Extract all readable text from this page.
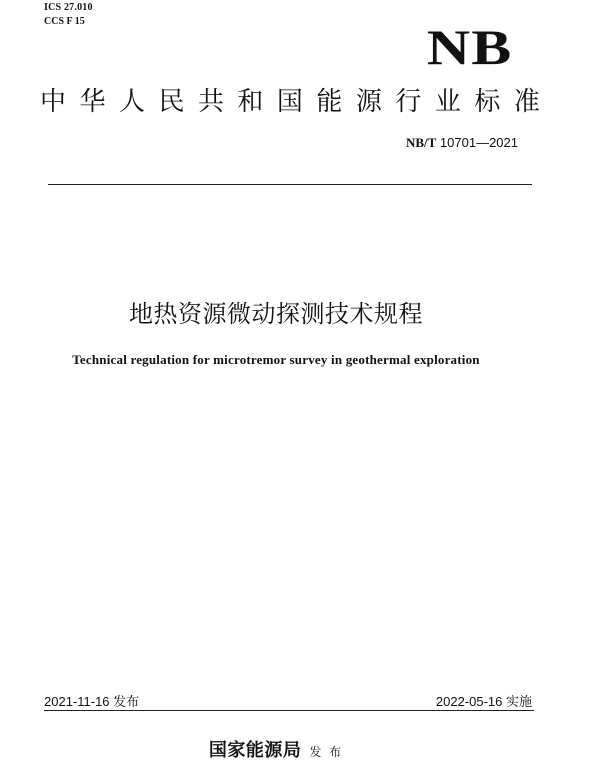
ICS 27.010
CCS F 15	NB
中 华 人 民 共 和 国 能 源 行 业 标 准
NB/T 10701—2021
地热资源微动探测技术规程
Technical regulation for microtremor survey in geothermal exploration
2021-11-16 发布	2022-05-16 实施
国家能源局 发 布
